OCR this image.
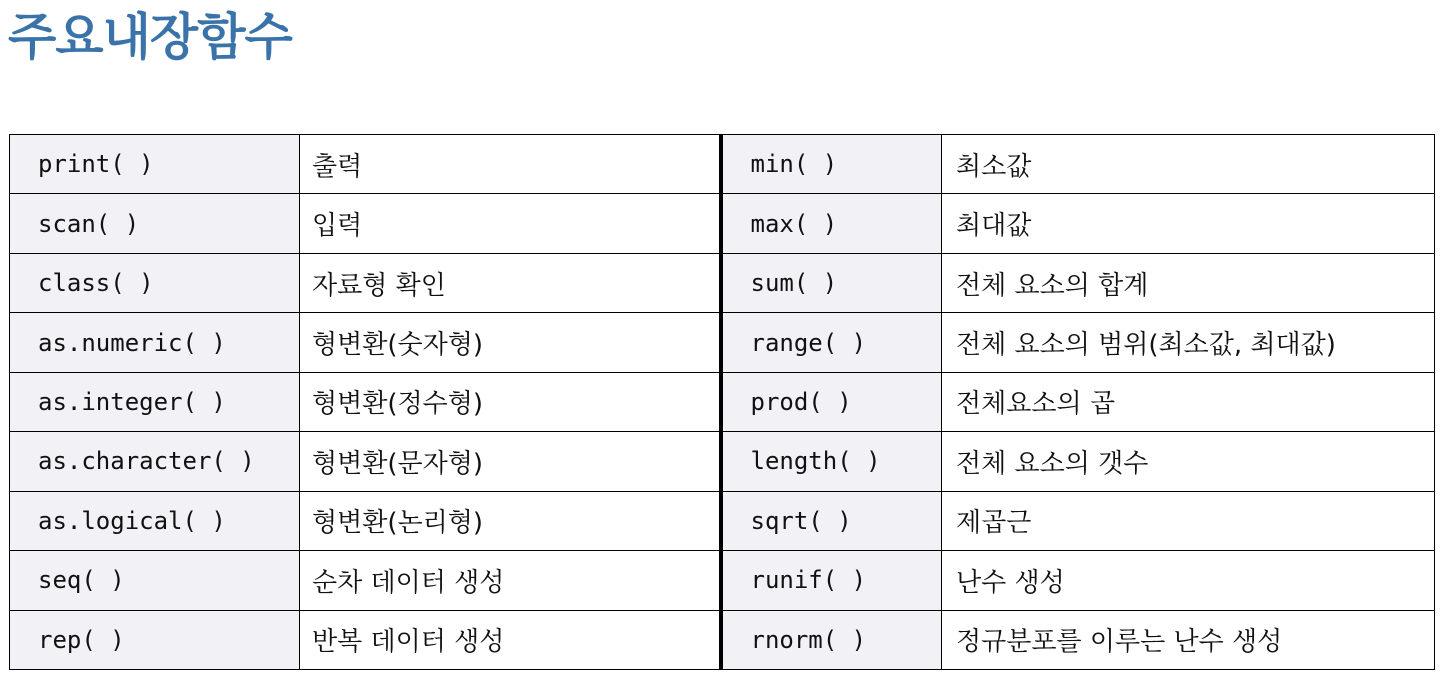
주요내장함수
print( )	출력	min( )	최소값
scan( )	입력	max( )	최대값
class( )	자료형 확인	sum( )	전체 요소의 합계
as.numeric( )	형변환(숫자형)	range( )	전체 요소의 범위(최소값, 최대값)
as.integer( )	형변환(정수형)	prod( )	전체요소의 곱
as.character( )	형변환(문자형)	length( )	전체 요소의 갯수
as.logical( )	형변환(논리형)	sqrt( )	제곱근
seq( )	순차 데이터 생성	runif( )	난수 생성
rep( )	반복 데이터 생성	rnorm( )	정규분포를 이루는 난수 생성
